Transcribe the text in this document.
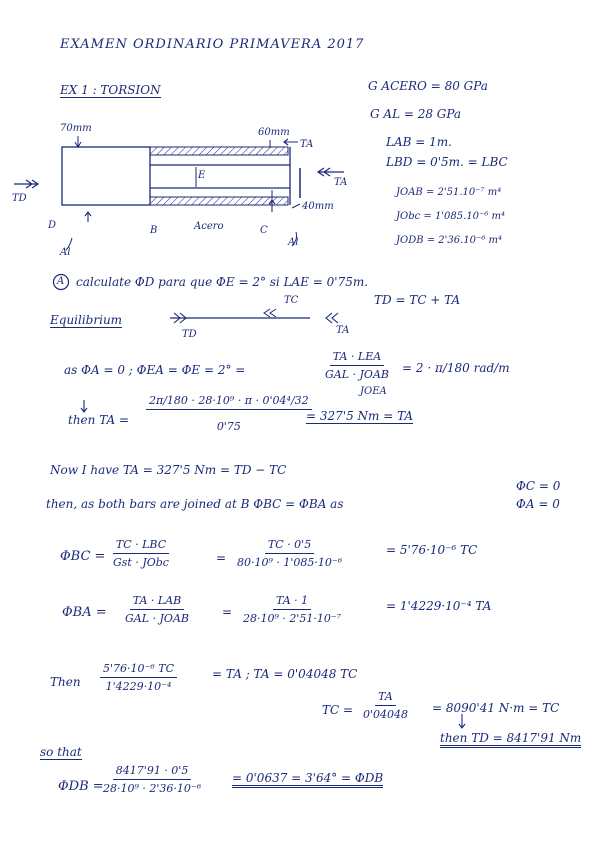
EXAMEN ORDINARIO PRIMAVERA 2017
EX 1 : TORSION	G ACERO = 80 GPa
G AL = 28 GPa
LAB = 1m.
LBD = 0'5m. = LBC
JOAB = 2'51.10⁻⁷ m⁴
JObc = 1'085.10⁻⁶ m⁴
JODB = 2'36.10⁻⁶ m⁴
70mm	60mm
TA
E
TA
40mm
TD
D	B	Acero	C
Al
Al
A calculate ΦD para que ΦE = 2° si LAE = 0'75m.
Equilibrium
TC
TD	TA
TD = TC + TA
as ΦA = 0 ; ΦEA = ΦE = 2° =
TA · LEA
GAL · JOAB
JOEA
= 2 · π/180 rad/m
then TA = $\frac{\text{2π/180 · 28·10⁹ · π · 0'04⁴/32}}{0'75}$
= 327'5 Nm = TA
Now I have TA = 327'5 Nm = TD − TC
then, as both bars are joined at B ΦBC = ΦBA as
ΦC = 0
ΦA = 0
ΦBC =
TC · LBC
Gst · JObc	= $\frac{TC \cdot 0'5}{\text{80·10⁹ · 1'085·10⁻⁶}}$	= 5'76·10⁻⁶ TC
ΦBA =
TA · LAB
GAL · JOAB	= $\frac{TA \cdot 1}{\text{28·10⁹ · 2'51·10⁻⁷}}$	= 1'4229·10⁻⁴ TA
Then $\frac{\text{5'76·10⁻⁶ TC}}{\text{1'4229·10⁻⁴}}$	= TA ; TA = 0'04048 TC
TC = $\frac{TA}{0'04048} = 8090'41$ N·m = TC
then TD = 8417'91 Nm
so that
ΦDB =
$\frac{8417'91 \cdot 0'5}{\text{28·10⁹ · 2'36·10⁻⁶}} = 0'0637 = 3'64^\circ = \Phi DB$
